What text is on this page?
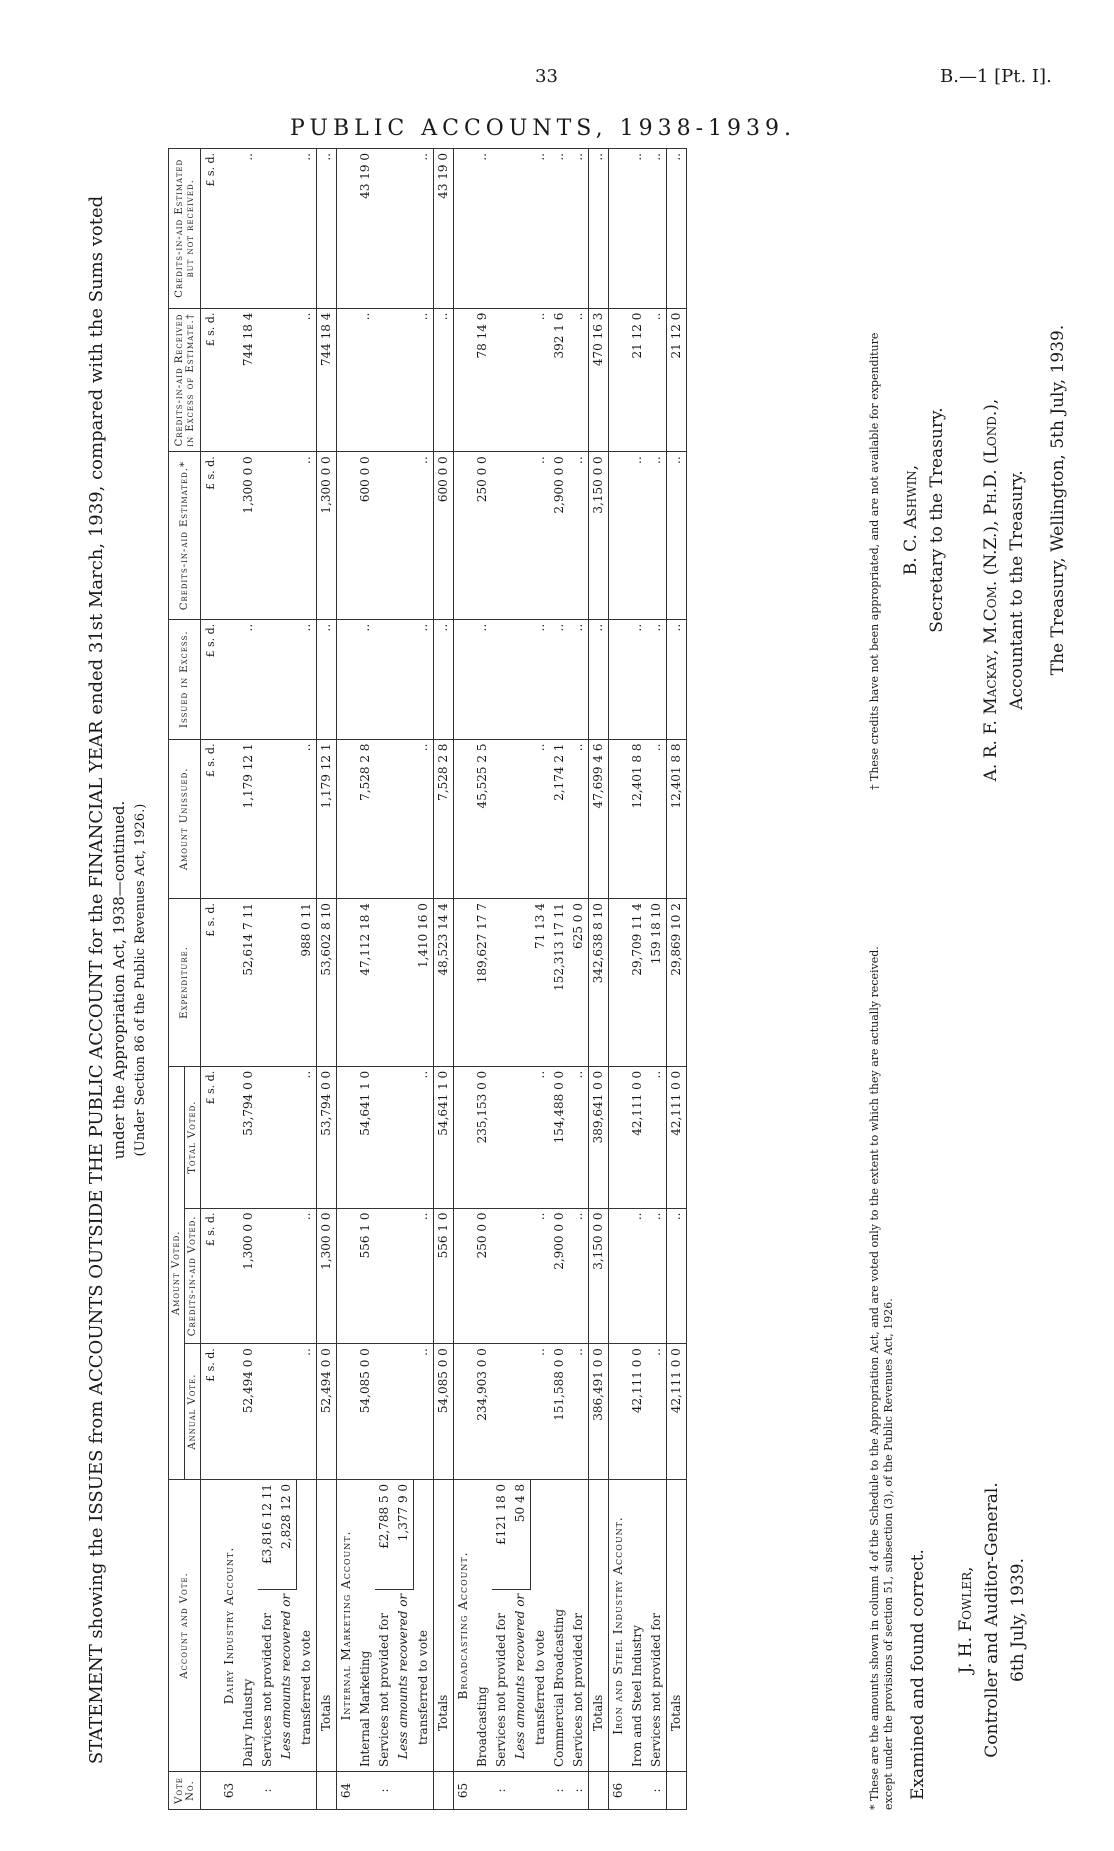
33	B.—1 [Pt. I].
PUBLIC ACCOUNTS, 1938-1939.
STATEMENT showing the ISSUES from ACCOUNTS OUTSIDE THE PUBLIC ACCOUNT for the FINANCIAL YEAR ended 31st March, 1939, compared with the Sums voted under the Appropriation Act, 1938—continued. (Under Section 86 of the Public Revenues Act, 1926.)
Vote No.	Account and Vote.		Amount Voted.			Expenditure.	Amount Unissued.	Issued in Excess.	Credits-in-aid Estimated.*	Credits-in-aid Received in Excess of Estimate.†	Credits-in-aid Estimated but not received.
			Annual Vote.	Credits-in-aid Voted.	Total Voted.						
			£ s. d.	£ s. d.	£ s. d.	£ s. d.	£ s. d.	£ s. d.	£ s. d.	£ s. d.	£ s. d.
63	Dairy Industry Account.										
	Dairy Industry		52,494 0 0	1,300 0 0	53,794 0 0	52,614 7 11	1,179 12 1	..	1,300 0 0	744 18 4	..
:	Services not provided for	£3,816 12 11									
	Less amounts recovered or	2,828 12 0									
	transferred to vote		..	..	..	988 0 11	..	..	..	..	..
	Totals		52,494 0 0	1,300 0 0	53,794 0 0	53,602 8 10	1,179 12 1	..	1,300 0 0	744 18 4	..
64	Internal Marketing Account.										
	Internal Marketing		54,085 0 0	556 1 0	54,641 1 0	47,112 18 4	7,528 2 8	..	600 0 0	..	43 19 0
:	Services not provided for	£2,788 5 0									
	Less amounts recovered or	1,377 9 0									
	transferred to vote		..	..	..	1,410 16 0	..	..	..	..	..
	Totals		54,085 0 0	556 1 0	54,641 1 0	48,523 14 4	7,528 2 8	..	600 0 0	..	43 19 0
65	Broadcasting Account.										
	Broadcasting		234,903 0 0	250 0 0	235,153 0 0	189,627 17 7	45,525 2 5	..	250 0 0	78 14 9	..
:	Services not provided for	£121 18 0									
	Less amounts recovered or	50 4 8									
	transferred to vote		..	..	..	71 13 4	..	..	..	..	..
:	Commercial Broadcasting		151,588 0 0	2,900 0 0	154,488 0 0	152,313 17 11	2,174 2 1	..	2,900 0 0	392 1 6	..
:	Services not provided for		..	..	..	625 0 0	..	..	..	..	..
	Totals		386,491 0 0	3,150 0 0	389,641 0 0	342,638 8 10	47,699 4 6	..	3,150 0 0	470 16 3	..
66	Iron and Steel Industry Account.										
	Iron and Steel Industry		42,111 0 0	..	42,111 0 0	29,709 11 4	12,401 8 8	..	..	21 12 0	..
:	Services not provided for		..	..	..	159 18 10	..	..	..	..	..
	Totals		42,111 0 0	..	42,111 0 0	29,869 10 2	12,401 8 8	..	..	21 12 0	..
* These are the amounts shown in column 4 of the Schedule to the Appropriation Act, and are voted only to the extent to which they are actually received. except under the provisions of section 51, subsection (3), of the Public Revenues Act, 1926.
† These credits have not been appropriated, and are not available for expenditure
Examined and found correct. J. H. Fowler, Controller and Auditor-General. 6th July, 1939.
B. C. Ashwin, Secretary to the Treasury. A. R. F. Mackay, M.Com. (N.Z.), Ph.D. (Lond.), Accountant to the Treasury. The Treasury, Wellington, 5th July, 1939.
